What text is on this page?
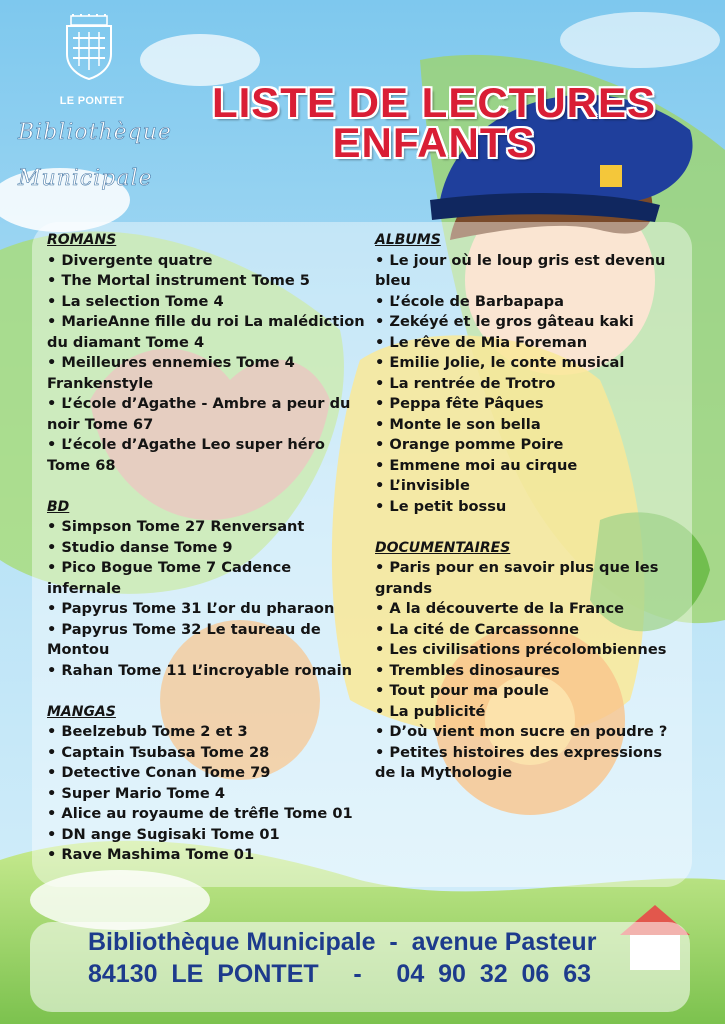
LE PONTET
Bibliothèque
Municipale
LISTE DE LECTURES
ENFANTS
ROMANS
• Divergente quatre
• The Mortal instrument Tome 5
• La selection Tome 4
• MarieAnne fille du roi La malédiction du diamant Tome 4
• Meilleures ennemies Tome 4 Frankenstyle
• L’école d’Agathe - Ambre a peur du noir Tome 67
• L’école d’Agathe Leo super héro Tome 68
BD
• Simpson Tome 27 Renversant
• Studio danse Tome 9
• Pico Bogue Tome 7 Cadence infernale
• Papyrus Tome 31 L’or du pharaon
• Papyrus Tome 32 Le taureau de Montou
• Rahan Tome 11 L’incroyable romain
MANGAS
• Beelzebub Tome 2 et 3
• Captain Tsubasa Tome 28
• Detective Conan Tome 79
• Super Mario Tome 4
• Alice au royaume de trêfle Tome 01
• DN ange Sugisaki Tome 01
• Rave Mashima Tome 01
ALBUMS
• Le jour où le loup gris est devenu bleu
• L’école de Barbapapa
• Zekéyé et le gros gâteau kaki
• Le rêve de Mia Foreman
• Emilie Jolie, le conte musical
• La rentrée de Trotro
• Peppa fête Pâques
• Monte le son bella
• Orange pomme Poire
• Emmene moi au cirque
• L’invisible
• Le petit bossu
DOCUMENTAIRES
• Paris pour en savoir plus que les grands
• A la découverte de la France
• La cité de Carcassonne
• Les civilisations précolombiennes
• Trembles dinosaures
• Tout pour ma poule
• La publicité
• D’où vient mon sucre en poudre ?
• Petites histoires des expressions de la Mythologie
Bibliothèque Municipale  -  avenue Pasteur
84130  LE  PONTET     -     04  90  32  06  63
